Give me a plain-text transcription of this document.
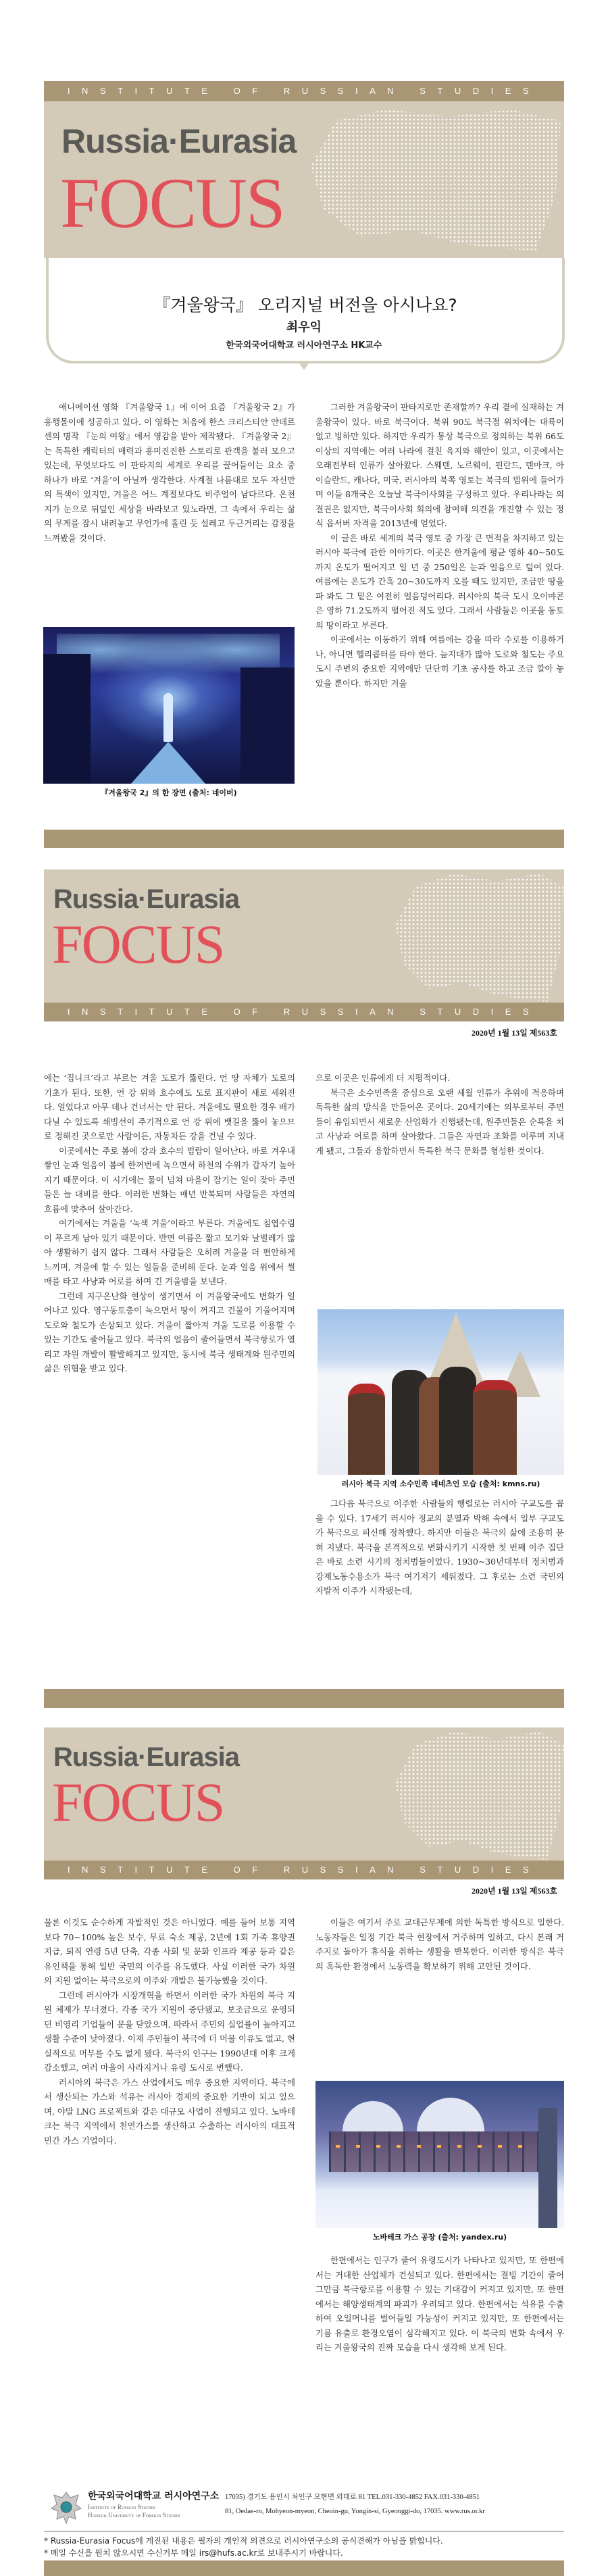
INSTITUTE OF RUSSIAN STUDIES
Russia·Eurasia
FOCUS
『겨울왕국』 오리지널 버전을 아시나요?
최우익
한국외국어대학교 러시아연구소 HK교수

애니메이션 영화 『겨울왕국 1』에 이어 요즘 『겨울왕국 2』가 흥행몰이에 성공하고 있다. 이 영화는 처음에 한스 크리스티안 안데르센의 명작 『눈의 여왕』에서 영감을 받아 제작됐다. 『겨울왕국 2』는 독특한 캐릭터의 매력과 흥미진진한 스토리로 관객을 불러 모으고 있는데, 무엇보다도 이 판타지의 세계로 우리를 끌어들이는 요소 중 하나가 바로 ‘겨울’이 아닐까 생각한다. 사계절 나름대로 모두 자신만의 특색이 있지만, 겨울은 어느 계절보다도 비주얼이 남다르다. 온천지가 눈으로 뒤덮인 세상을 바라보고 있노라면, 그 속에서 우리는 삶의 무게를 잠시 내려놓고 무언가에 홀린 듯 설레고 두근거리는 감정을 느껴봤을 것이다.

『겨울왕국 2』의 한 장면 (출처: 네이버)

그러한 겨울왕국이 판타지로만 존재할까? 우리 곁에 실재하는 겨울왕국이 있다. 바로 북극이다. 북위 90도 북극점 위치에는 대륙이 없고 빙하만 있다. 하지만 우리가 통상 북극으로 정의하는 북위 66도 이상의 지역에는 여러 나라에 걸친 육지와 해안이 있고, 이곳에서는 오래전부터 인류가 살아왔다. 스웨덴, 노르웨이, 핀란드, 덴마크, 아이슬란드, 캐나다, 미국, 러시아의 북쪽 영토는 북극의 범위에 들어가며 이들 8개국은 오늘날 북극이사회를 구성하고 있다. 우리나라는 의결권은 없지만, 북극이사회 회의에 참여해 의견을 개진할 수 있는 정식 옵서버 자격을 2013년에 얻었다.

이 글은 바로 세계의 북극 영토 중 가장 큰 면적을 차지하고 있는 러시아 북극에 관한 이야기다. 이곳은 한겨울에 평균 영하 40~50도까지 온도가 떨어지고 일 년 중 250일은 눈과 얼음으로 덮여 있다. 여름에는 온도가 간혹 20~30도까지 오를 때도 있지만, 조금만 땅을 파 봐도 그 밑은 여전히 얼음덩어리다. 러시아의 북극 도시 오이먀콘은 영하 71.2도까지 떨어진 적도 있다. 그래서 사람들은 이곳을 동토의 땅이라고 부른다.

이곳에서는 이동하기 위해 여름에는 강을 따라 수로를 이용하거나, 아니면 헬리콥터를 타야 한다. 늪지대가 많아 도로와 철도는 주요 도시 주변의 중요한 지역에만 단단히 기초 공사를 하고 조금 깔아 놓았을 뿐이다. 하지만 겨울

Russia·Eurasia
FOCUS
INSTITUTE OF RUSSIAN STUDIES
2020년 1월 13일 제563호

에는 ‘짐니크’라고 부르는 겨울 도로가 뚫린다. 언 땅 자체가 도로의 기초가 된다. 또한, 언 강 위와 호수에도 도로 표지판이 새로 세워진다. 얼었다고 아무 데나 건너서는 안 된다. 겨울에도 필요한 경우 배가 다닐 수 있도록 쇄빙선이 주기적으로 언 강 위에 뱃길을 뚫어 놓으므로 정해진 곳으로만 사람이든, 자동차든 강을 건널 수 있다.

이곳에서는 주로 봄에 강과 호수의 범람이 일어난다. 바로 겨우내 쌓인 눈과 얼음이 봄에 한꺼번에 녹으면서 하천의 수위가 갑자기 높아지기 때문이다. 이 시기에는 물이 넘쳐 마을이 잠기는 일이 잦아 주민들은 늘 대비를 한다. 이러한 변화는 매년 반복되며 사람들은 자연의 흐름에 맞추어 살아간다.

여기에서는 겨울을 ‘녹색 겨울’이라고 부른다. 겨울에도 침엽수림이 푸르게 남아 있기 때문이다. 반면 여름은 짧고 모기와 날벌레가 많아 생활하기 쉽지 않다. 그래서 사람들은 오히려 겨울을 더 편안하게 느끼며, 겨울에 할 수 있는 일들을 준비해 둔다. 눈과 얼음 위에서 썰매를 타고 사냥과 어로를 하며 긴 겨울밤을 보낸다.

그런데 지구온난화 현상이 생기면서 이 겨울왕국에도 변화가 일어나고 있다. 영구동토층이 녹으면서 땅이 꺼지고 건물이 기울어지며 도로와 철도가 손상되고 있다. 겨울이 짧아져 겨울 도로를 이용할 수 있는 기간도 줄어들고 있다. 북극의 얼음이 줄어들면서 북극항로가 열리고 자원 개발이 활발해지고 있지만, 동시에 북극 생태계와 원주민의 삶은 위협을 받고 있다.

으로 이곳은 인류에게 더 지평적이다.

북극은 소수민족을 중심으로 오랜 세월 인류가 추위에 적응하며 독특한 삶의 방식을 만들어온 곳이다. 20세기에는 외부로부터 주민들이 유입되면서 새로운 산업화가 진행됐는데, 원주민들은 순록을 치고 사냥과 어로를 하며 살아왔다. 그들은 자연과 조화를 이루며 지내게 됐고, 그들과 융합하면서 독특한 북극 문화를 형성한 것이다.

러시아 북극 지역 소수민족 네네츠인 모습 (출처: kmns.ru)

그다음 북극으로 이주한 사람들의 행렬로는 러시아 구교도를 꼽을 수 있다. 17세기 러시아 정교의 분열과 박해 속에서 일부 구교도가 북극으로 피신해 정착했다. 하지만 이들은 북극의 삶에 조용히 묻혀 지냈다. 북극을 본격적으로 변화시키기 시작한 첫 번째 이주 집단은 바로 소련 시기의 정치범들이었다. 1930~30년대부터 정치범과 강제노동수용소가 북극 여기저기 세워졌다. 그 후로는 소련 국민의 자발적 이주가 시작됐는데,

Russia·Eurasia
FOCUS
INSTITUTE OF RUSSIAN STUDIES
2020년 1월 13일 제563호

물론 이것도 순수하게 자발적인 것은 아니었다. 예를 들어 보통 지역보다 70~100% 높은 보수, 무료 숙소 제공, 2년에 1회 가족 휴양권 지급, 퇴직 연령 5년 단축, 각종 사회 및 문화 인프라 제공 등과 같은 유인책을 통해 일반 국민의 이주를 유도했다. 사실 이러한 국가 차원의 지원 없이는 북극으로의 이주와 개발은 불가능했을 것이다.

그런데 러시아가 시장개혁을 하면서 이러한 국가 차원의 북극 지원 체제가 무너졌다. 각종 국가 지원이 중단됐고, 보조금으로 운영되던 비영리 기업들이 문을 닫았으며, 따라서 주민의 실업률이 높아지고 생활 수준이 낮아졌다. 이제 주민들이 북극에 더 머물 이유도 없고, 현실적으로 머무를 수도 없게 됐다. 북극의 인구는 1990년대 이후 크게 감소했고, 여러 마을이 사라지거나 유령 도시로 변했다.

러시아의 북극은 가스 산업에서도 매우 중요한 지역이다. 북극에서 생산되는 가스와 석유는 러시아 경제의 중요한 기반이 되고 있으며, 야말 LNG 프로젝트와 같은 대규모 사업이 진행되고 있다. 노바테크는 북극 지역에서 천연가스를 생산하고 수출하는 러시아의 대표적 민간 가스 기업이다.

이들은 여기서 주로 교대근무제에 의한 독특한 방식으로 일한다. 노동자들은 일정 기간 북극 현장에서 거주하며 일하고, 다시 본래 거주지로 돌아가 휴식을 취하는 생활을 반복한다. 이러한 방식은 북극의 혹독한 환경에서 노동력을 확보하기 위해 고안된 것이다.

노바테크 가스 공장 (출처: yandex.ru)

한편에서는 인구가 줄어 유령도시가 나타나고 있지만, 또 한편에서는 거대한 산업체가 건설되고 있다. 한편에서는 결빙 기간이 줄어 그만큼 북극항로를 이용할 수 있는 기대감이 커지고 있지만, 또 한편에서는 해양생태계의 파괴가 우려되고 있다. 한편에서는 석유를 수출하여 오일머니를 벌어들일 가능성이 커지고 있지만, 또 한편에서는 기름 유출로 환경오염이 심각해지고 있다. 이 북극의 변화 속에서 우리는 겨울왕국의 진짜 모습을 다시 생각해 보게 된다.

한국외국어대학교 러시아연구소
Institute of Russian Studies
Hankuk University of Foreign Studies
17035) 경기도 용인시 처인구 모현면 외대로 81 TEL.031-330-4852 FAX.031-330-4851
81, Oedae-ro, Mohyeon-myeon, Cheoin-gu, Yongin-si, Gyeonggi-do, 17035. www.rus.or.kr
* Russia-Eurasia Focus에 게진된 내용은 필자의 개인적 의견으로 러시아연구소의 공식견해가 아님을 밝힙니다.
* 메일 수신을 원치 않으시면 수신거부 메일 irs@hufs.ac.kr로 보내주시기 바랍니다.
